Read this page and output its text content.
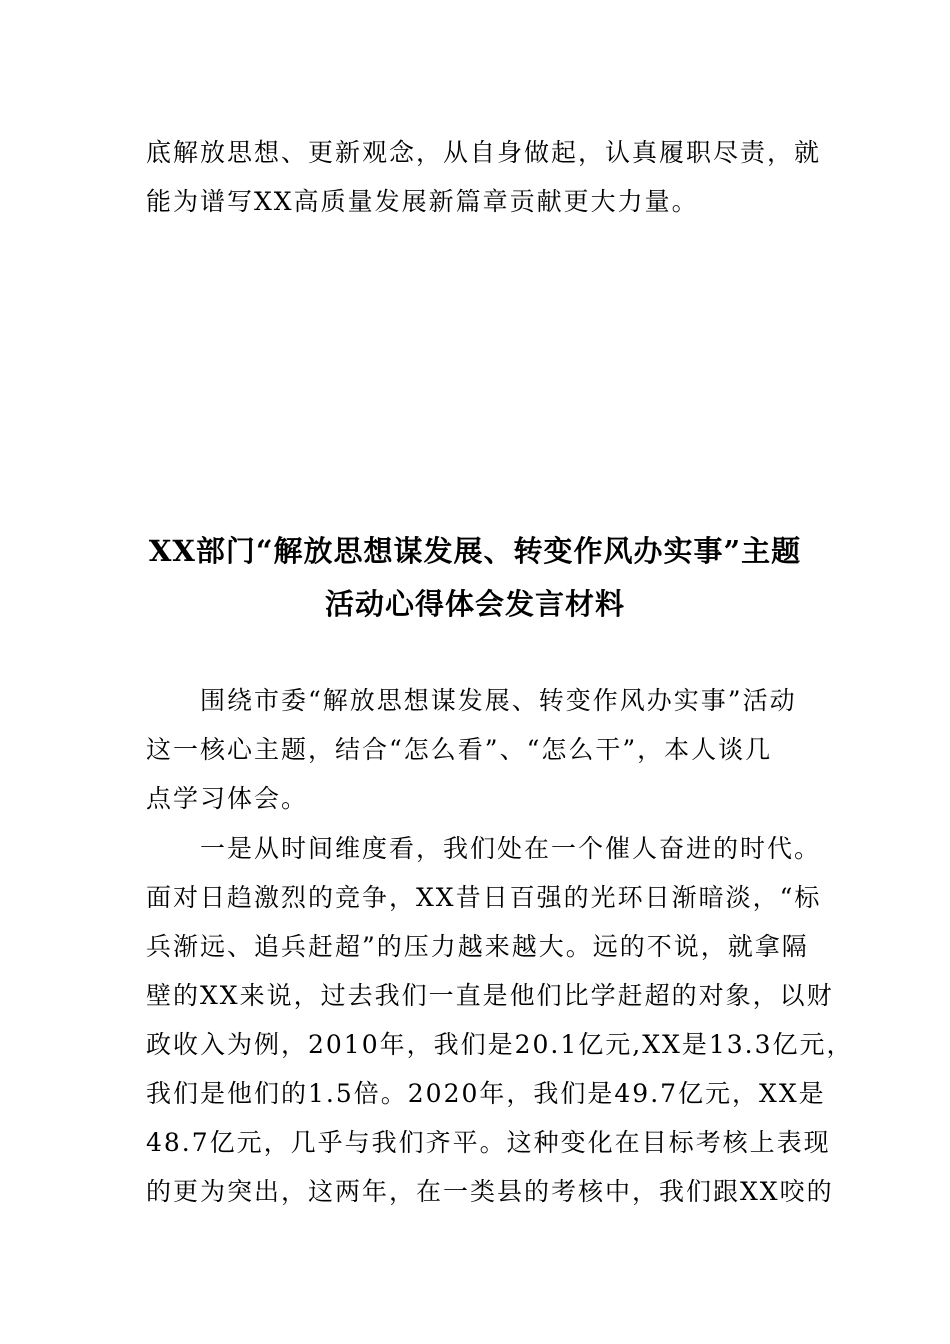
底解放思想、更新观念，从自身做起，认真履职尽责，就
能为谱写XX高质量发展新篇章贡献更大力量。
XX部门“解放思想谋发展、转变作风办实事”主题
活动心得体会发言材料
　　围绕市委“解放思想谋发展、转变作风办实事”活动
这一核心主题，结合“怎么看”、“怎么干”，本人谈几
点学习体会。
　　一是从时间维度看，我们处在一个催人奋进的时代。
面对日趋激烈的竞争，XX昔日百强的光环日渐暗淡，“标
兵渐远、追兵赶超”的压力越来越大。远的不说，就拿隔
壁的XX来说，过去我们一直是他们比学赶超的对象，以财
政收入为例，2010年，我们是20.1亿元,XX是13.3亿元，
我们是他们的1.5倍。2020年，我们是49.7亿元，XX是
48.7亿元，几乎与我们齐平。这种变化在目标考核上表现
的更为突出，这两年，在一类县的考核中，我们跟XX咬的
